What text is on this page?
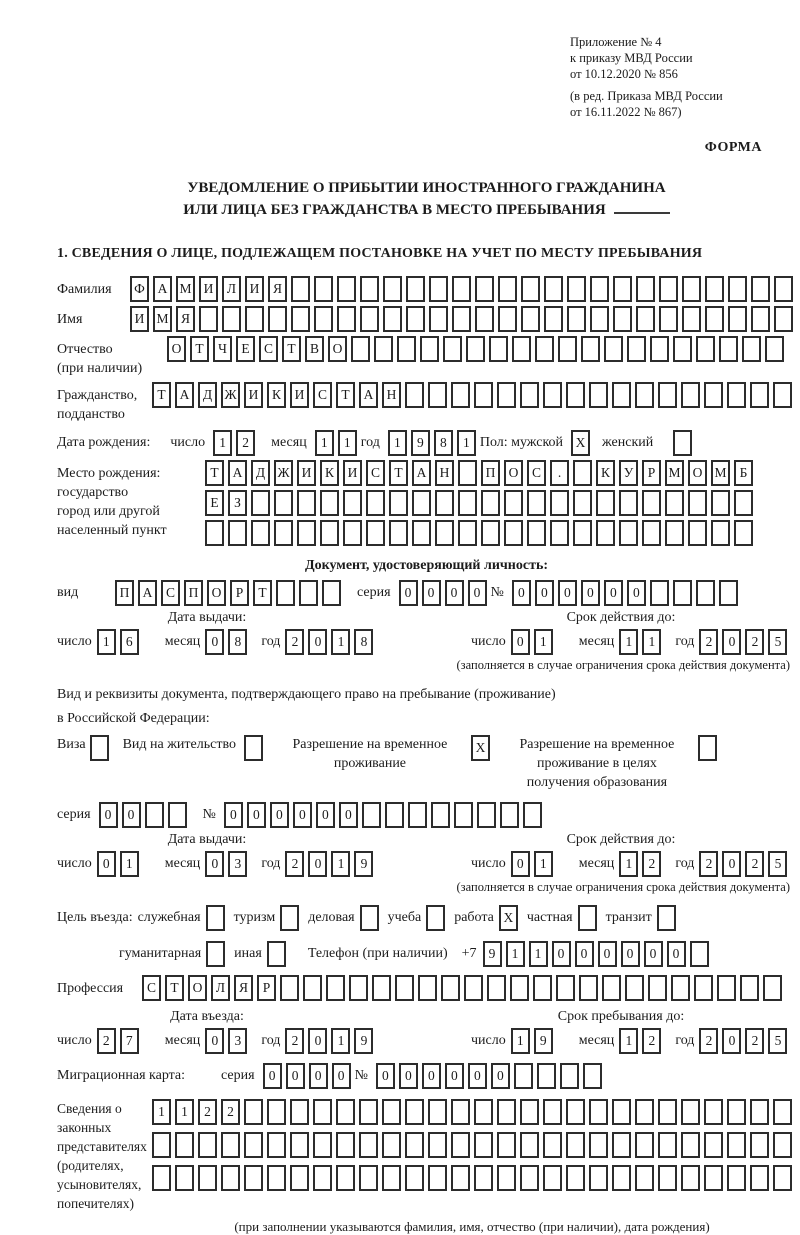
Приложение № 4
к приказу МВД России
от 10.12.2020 № 856
(в ред. Приказа МВД России
от 16.11.2022 № 867)
ФОРМА
УВЕДОМЛЕНИЕ О ПРИБЫТИИ ИНОСТРАННОГО ГРАЖДАНИНА
ИЛИ ЛИЦА БЕЗ ГРАЖДАНСТВА В МЕСТО ПРЕБЫВАНИЯ
1. СВЕДЕНИЯ О ЛИЦЕ, ПОДЛЕЖАЩЕМ ПОСТАНОВКЕ НА УЧЕТ ПО МЕСТУ ПРЕБЫВАНИЯ
Фамилия	Ф А М И	Л	И	Я
Имя	И М Я
Отчество
(при наличии)
О	Т	Ч	Е	С	Т	В	О
Гражданство,
подданство
Т	А	Д Ж И	К	И	С	Т	А Н
Дата рождения: число	1	2	месяц	1	1 год	1	9	8	1 Пол: мужской X	женский
Место рождения:
государство
город или другой
населенный пункт
Т	А	Д Ж И	К	И	С	Т	А Н	П О	С	.	К	У	Р М О М Б
Е	З
Документ, удостоверяющий личность:
вид	П А	С	П О	Р	Т	серия	0	0	0	0 №	0	0	0	0	0	0
Дата выдачи:
число 1	6	месяц 0	8	год 2	0	1	8
Срок действия до:
число 0	1	месяц 1	1	год 2	0	2	5
(заполняется в случае ограничения срока действия документа)
Вид и реквизиты документа, подтверждающего право на пребывание (проживание)
в Российской Федерации:
Виза	Вид на жительство	Разрешение на временное проживание
X	Разрешение на временное проживание в целях получения образования
серия	0	0	№	0	0	0	0	0	0
Дата выдачи:
число 0	1	месяц 0	3	год 2	0	1	9
Срок действия до:
число 0	1	месяц 1	2	год 2	0	2	5
(заполняется в случае ограничения срока действия документа)
Цель въезда: служебная туризм деловая учеба работа X частная транзит
гуманитарная иная	Телефон (при наличии) +7 9	1	1	0	0	0	0	0	0
Профессия	С	Т	О	Л	Я	Р
Дата въезда:
число 2	7	месяц 0	3	год 2	0	1	9
Срок пребывания до:
число 1	9	месяц 1	2	год 2	0	2	5
Миграционная карта:	серия	0	0	0	0 №	0	0	0	0	0	0
Сведения о
законных
представителях
(родителях,
усыновителях,
попечителях)
1	1	2	2
(при заполнении указываются фамилия, имя, отчество (при наличии), дата рождения)
